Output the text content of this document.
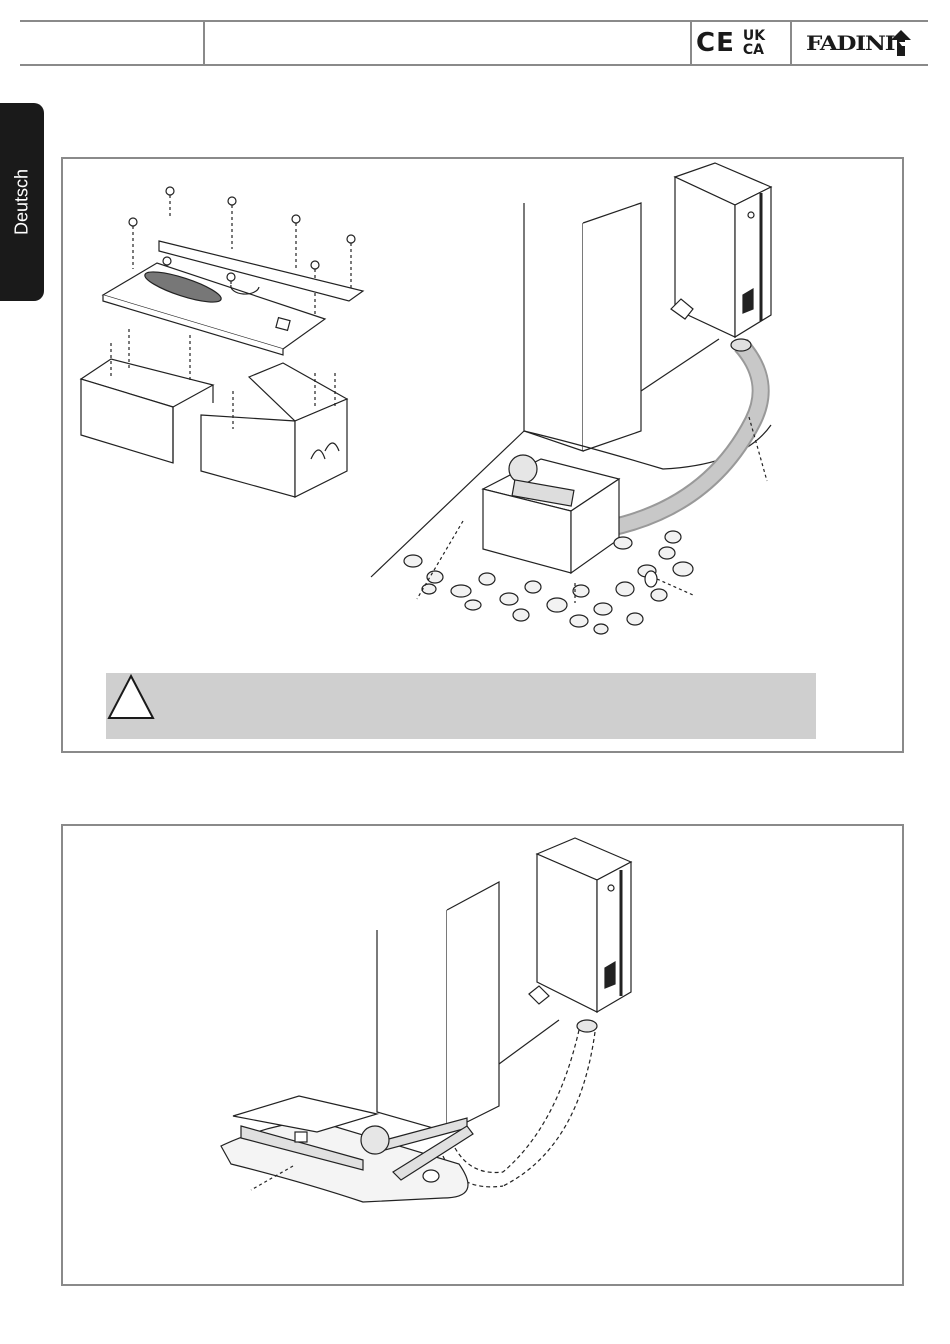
CE UK
CA FADINI
Deutsch
